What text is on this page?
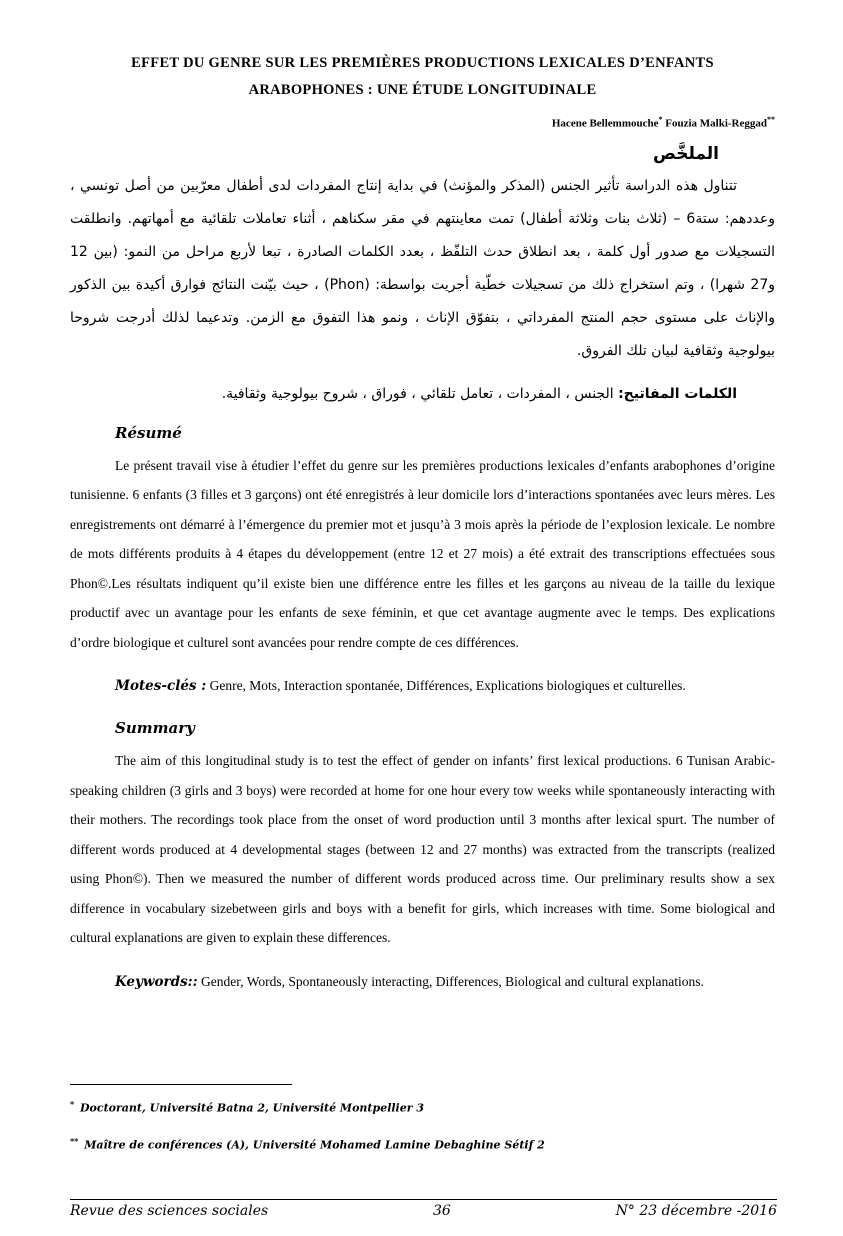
EFFET DU GENRE SUR LES PREMIÈRES PRODUCTIONS LEXICALES D’ENFANTS
ARABOPHONES : UNE ÉTUDE LONGITUDINALE
Hacene Bellemmouche* Fouzia Malki-Reggad**
الملخَّص

تتناول هذه الدراسة تأثير الجنس (المذكر والمؤنث) في بداية إنتاج المفردات لدى أطفال معرّبين من أصل تونسي ، وعددهم: ستة6 – (ثلاث بنات وثلاثة أطفال) تمت معاينتهم في مقر سكناهم ، أثناء تعاملات تلقائية مع أمهاتهم. وانطلقت التسجيلات مع صدور أول كلمة ، بعد انطلاق حدث التلفّظ ، بعدد الكلمات الصادرة ، تبعا لأربع مراحل من النمو: (بين 12 و27 شهرا) ، وتم استخراج ذلك من تسجيلات خطّية أجريت بواسطة: (Phon) ، حيث بيّنت النتائج فوارق أكيدة بين الذكور والإناث على مستوى حجم المنتج المفرداتي ، بتفوّق الإناث ، ونمو هذا التفوق مع الزمن. وتدعيما لذلك أدرجت شروحا بيولوجية وثقافية لبيان تلك الفروق.

الكلمات المفاتيح: الجنس ، المفردات ، تعامل تلقائي ، فوراق ، شروح بيولوجية وثقافية.

Résumé

Le présent travail vise à étudier l’effet du genre sur les premières productions lexicales d’enfants arabophones d’origine tunisienne. 6 enfants (3 filles et 3 garçons) ont été enregistrés à leur domicile lors d’interactions spontanées avec leurs mères. Les enregistrements ont démarré à l’émergence du premier mot et jusqu’à 3 mois après la période de l’explosion lexicale. Le nombre de mots différents produits à 4 étapes du développement (entre 12 et 27 mois) a été extrait des transcriptions effectuées sous Phon©.Les résultats indiquent qu’il existe bien une différence entre les filles et les garçons au niveau de la taille du lexique productif avec un avantage pour les enfants de sexe féminin, et que cet avantage augmente avec le temps. Des explications d’ordre biologique et culturel sont avancées pour rendre compte de ces différences.

Motes-clés : Genre, Mots, Interaction spontanée, Différences, Explications biologiques et culturelles.

Summary

The aim of this longitudinal study is to test the effect of gender on infants’ first lexical productions. 6 Tunisan Arabic-speaking children (3 girls and 3 boys) were recorded at home for one hour every tow weeks while spontaneously interacting with their mothers. The recordings took place from the onset of word production until 3 months after lexical spurt. The number of different words produced at 4 developmental stages (between 12 and 27 months) was extracted from the transcripts (realized using Phon©). Then we measured the number of different words produced across time. Our preliminary results show a sex difference in vocabulary sizebetween girls and boys with a benefit for girls, which increases with time. Some biological and cultural explanations are given to explain these differences.

Keywords:: Gender, Words, Spontaneously interacting, Differences, Biological and cultural explanations.

* Doctorant, Université Batna 2, Université Montpellier 3
** Maître de conférences (A), Université Mohamed Lamine Debaghine Sétif 2
Revue des sciences sociales	36	N° 23 décembre -2016
